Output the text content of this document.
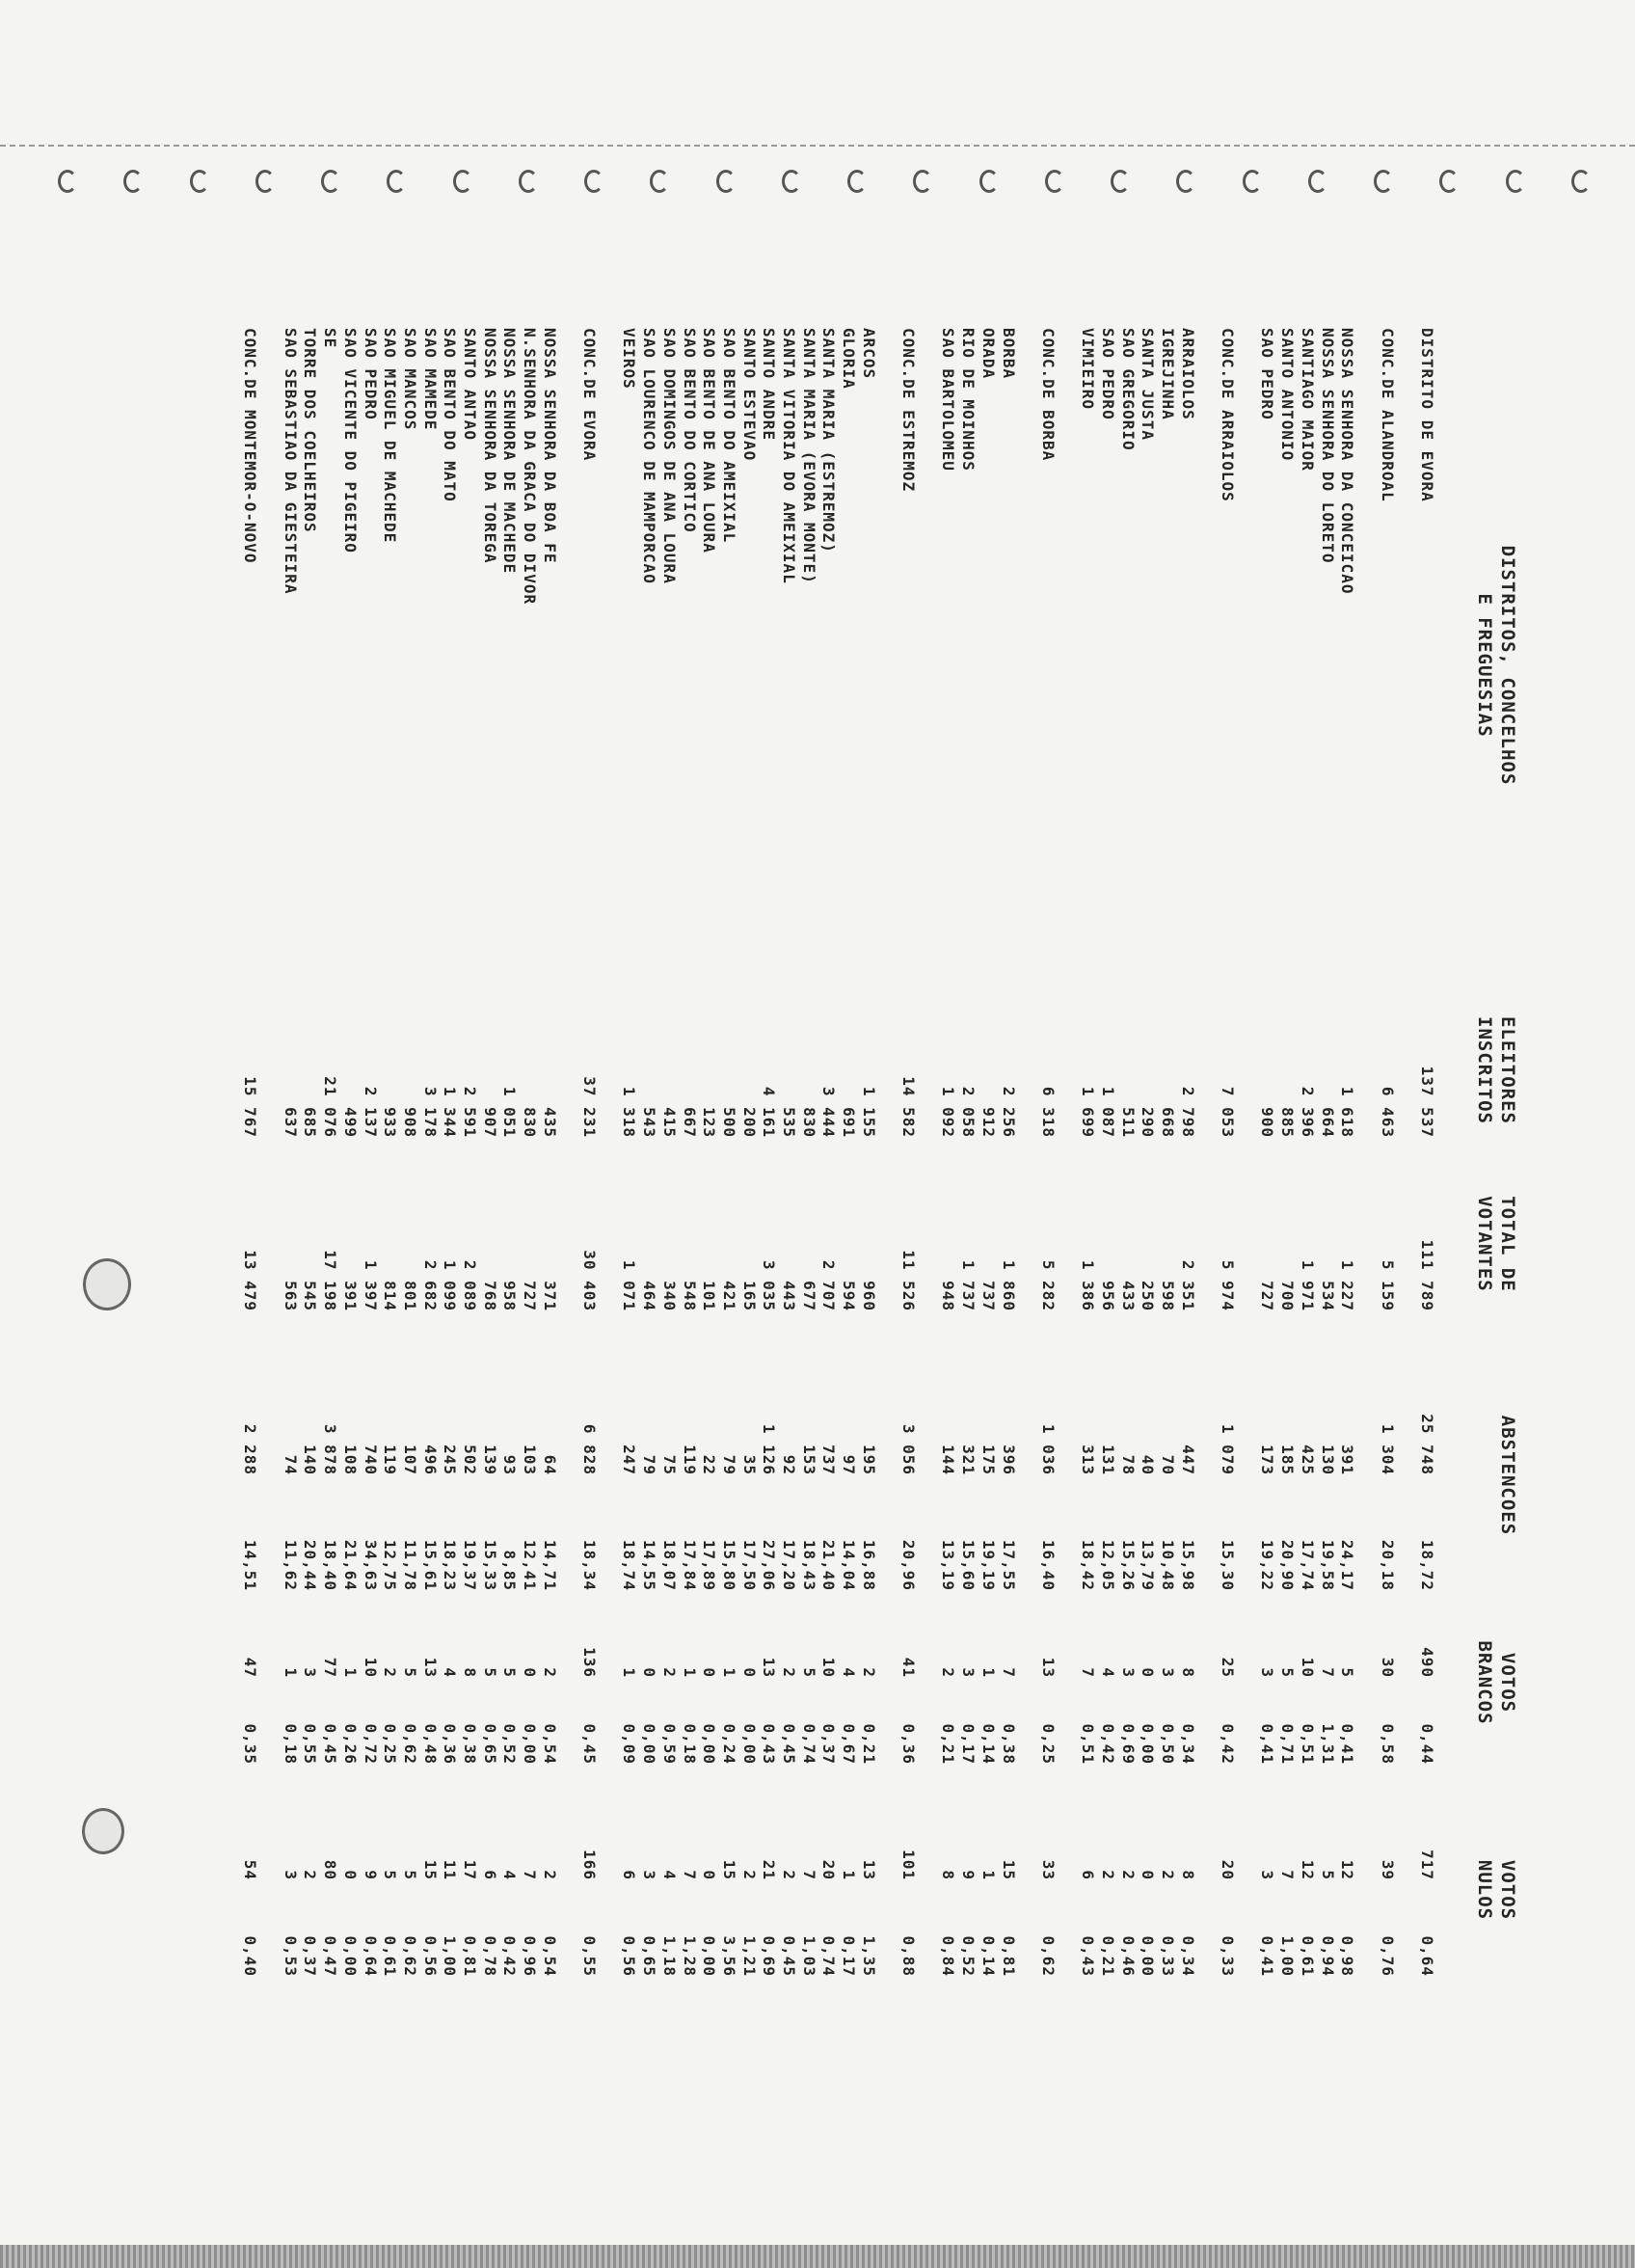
DISTRITOS, CONCELHOS
E FREGUESIAS
ELEITORES
INSCRITOS
TOTAL DE
VOTANTES
ABSTENCOES
VOTOS
BRANCOS
VOTOS
NULOS
DISTRITO DE EVORA
137 537
111 789
25 748
18,72
490
0,44
717
0,64
CONC.DE ALANDROAL
6 463
5 159
1 304
20,18
30
0,58
39
0,76
NOSSA SENHORA DA CONCEICAO
1 618
1 227
391
24,17
5
0,41
12
0,98
NOSSA SENHORA DO LORETO
664
534
130
19,58
7
1,31
5
0,94
SANTIAGO MAIOR
2 396
1 971
425
17,74
10
0,51
12
0,61
SANTO ANTONIO
885
700
185
20,90
5
0,71
7
1,00
SAO PEDRO
900
727
173
19,22
3
0,41
3
0,41
CONC.DE ARRAIOLOS
7 053
5 974
1 079
15,30
25
0,42
20
0,33
ARRAIOLOS
2 798
2 351
447
15,98
8
0,34
8
0,34
IGREJINHA
668
598
70
10,48
3
0,50
2
0,33
SANTA JUSTA
290
250
40
13,79
0
0,00
0
0,00
SAO GREGORIO
511
433
78
15,26
3
0,69
2
0,46
SAO PEDRO
1 087
956
131
12,05
4
0,42
2
0,21
VIMIEIRO
1 699
1 386
313
18,42
7
0,51
6
0,43
CONC.DE BORBA
6 318
5 282
1 036
16,40
13
0,25
33
0,62
BORBA
2 256
1 860
396
17,55
7
0,38
15
0,81
ORADA
912
737
175
19,19
1
0,14
1
0,14
RIO DE MOINHOS
2 058
1 737
321
15,60
3
0,17
9
0,52
SAO BARTOLOMEU
1 092
948
144
13,19
2
0,21
8
0,84
CONC.DE ESTREMOZ
14 582
11 526
3 056
20,96
41
0,36
101
0,88
ARCOS
1 155
960
195
16,88
2
0,21
13
1,35
GLORIA
691
594
97
14,04
4
0,67
1
0,17
SANTA MARIA (ESTREMOZ)
3 444
2 707
737
21,40
10
0,37
20
0,74
SANTA MARIA (EVORA MONTE)
830
677
153
18,43
5
0,74
7
1,03
SANTA VITORIA DO AMEIXIAL
535
443
92
17,20
2
0,45
2
0,45
SANTO ANDRE
4 161
3 035
1 126
27,06
13
0,43
21
0,69
SANTO ESTEVAO
200
165
35
17,50
0
0,00
2
1,21
SAO BENTO DO AMEIXIAL
500
421
79
15,80
1
0,24
15
3,56
SAO BENTO DE ANA LOURA
123
101
22
17,89
0
0,00
0
0,00
SAO BENTO DO CORTICO
667
548
119
17,84
1
0,18
7
1,28
SAO DOMINGOS DE ANA LOURA
415
340
75
18,07
2
0,59
4
1,18
SAO LOURENCO DE MAMPORCAO
543
464
79
14,55
0
0,00
3
0,65
VEIROS
1 318
1 071
247
18,74
1
0,09
6
0,56
CONC.DE EVORA
37 231
30 403
6 828
18,34
136
0,45
166
0,55
NOSSA SENHORA DA BOA FE
435
371
64
14,71
2
0,54
2
0,54
N.SENHORA DA GRACA DO DIVOR
830
727
103
12,41
0
0,00
7
0,96
NOSSA SENHORA DE MACHEDE
1 051
958
93
8,85
5
0,52
4
0,42
NOSSA SENHORA DA TOREGA
907
768
139
15,33
5
0,65
6
0,78
SANTO ANTAO
2 591
2 089
502
19,37
8
0,38
17
0,81
SAO BENTO DO MATO
1 344
1 099
245
18,23
4
0,36
11
1,00
SAO MAMEDE
3 178
2 682
496
15,61
13
0,48
15
0,56
SAO MANCOS
908
801
107
11,78
5
0,62
5
0,62
SAO MIGUEL DE MACHEDE
933
814
119
12,75
2
0,25
5
0,61
SAO PEDRO
2 137
1 397
740
34,63
10
0,72
9
0,64
SAO VICENTE DO PIGEIRO
499
391
108
21,64
1
0,26
0
0,00
SE
21 076
17 198
3 878
18,40
77
0,45
80
0,47
TORRE DOS COELHEIROS
685
545
140
20,44
3
0,55
2
0,37
SAO SEBASTIAO DA GIESTEIRA
637
563
74
11,62
1
0,18
3
0,53
CONC.DE MONTEMOR-O-NOVO
15 767
13 479
2 288
14,51
47
0,35
54
0,40
